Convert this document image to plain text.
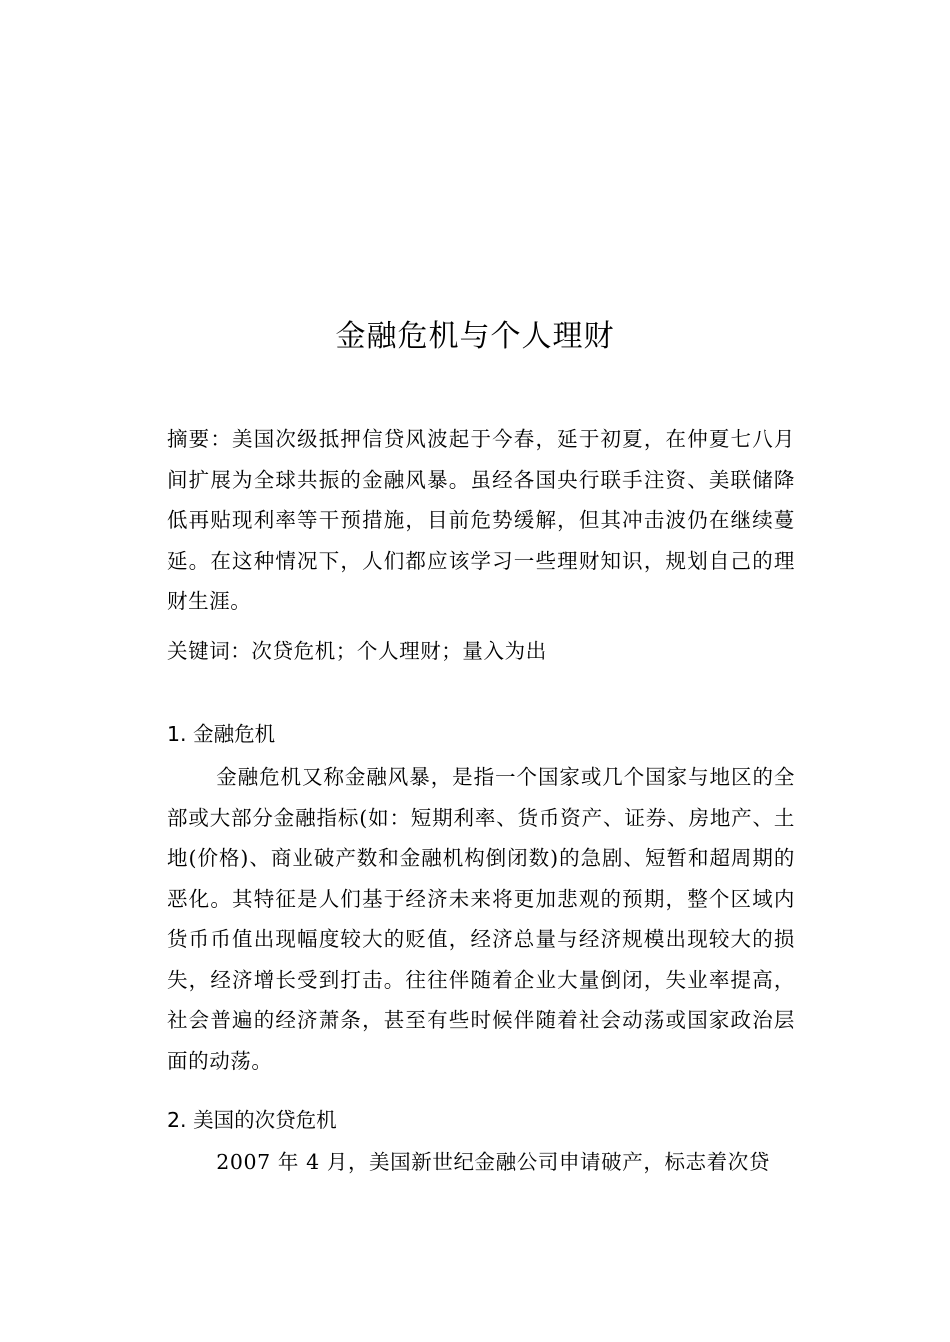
金融危机与个人理财

摘要：美国次级抵押信贷风波起于今春，延于初夏，在仲夏七八月间扩展为全球共振的金融风暴。虽经各国央行联手注资、美联储降低再贴现利率等干预措施，目前危势缓解，但其冲击波仍在继续蔓延。在这种情况下，人们都应该学习一些理财知识，规划自己的理财生涯。

关键词：次贷危机；个人理财；量入为出

1. 金融危机

金融危机又称金融风暴，是指一个国家或几个国家与地区的全部或大部分金融指标(如：短期利率、货币资产、证券、房地产、土地(价格)、商业破产数和金融机构倒闭数)的急剧、短暂和超周期的恶化。其特征是人们基于经济未来将更加悲观的预期，整个区域内货币币值出现幅度较大的贬值，经济总量与经济规模出现较大的损失，经济增长受到打击。往往伴随着企业大量倒闭，失业率提高，社会普遍的经济萧条，甚至有些时候伴随着社会动荡或国家政治层面的动荡。

2. 美国的次贷危机

2007 年 4 月，美国新世纪金融公司申请破产，标志着次贷
